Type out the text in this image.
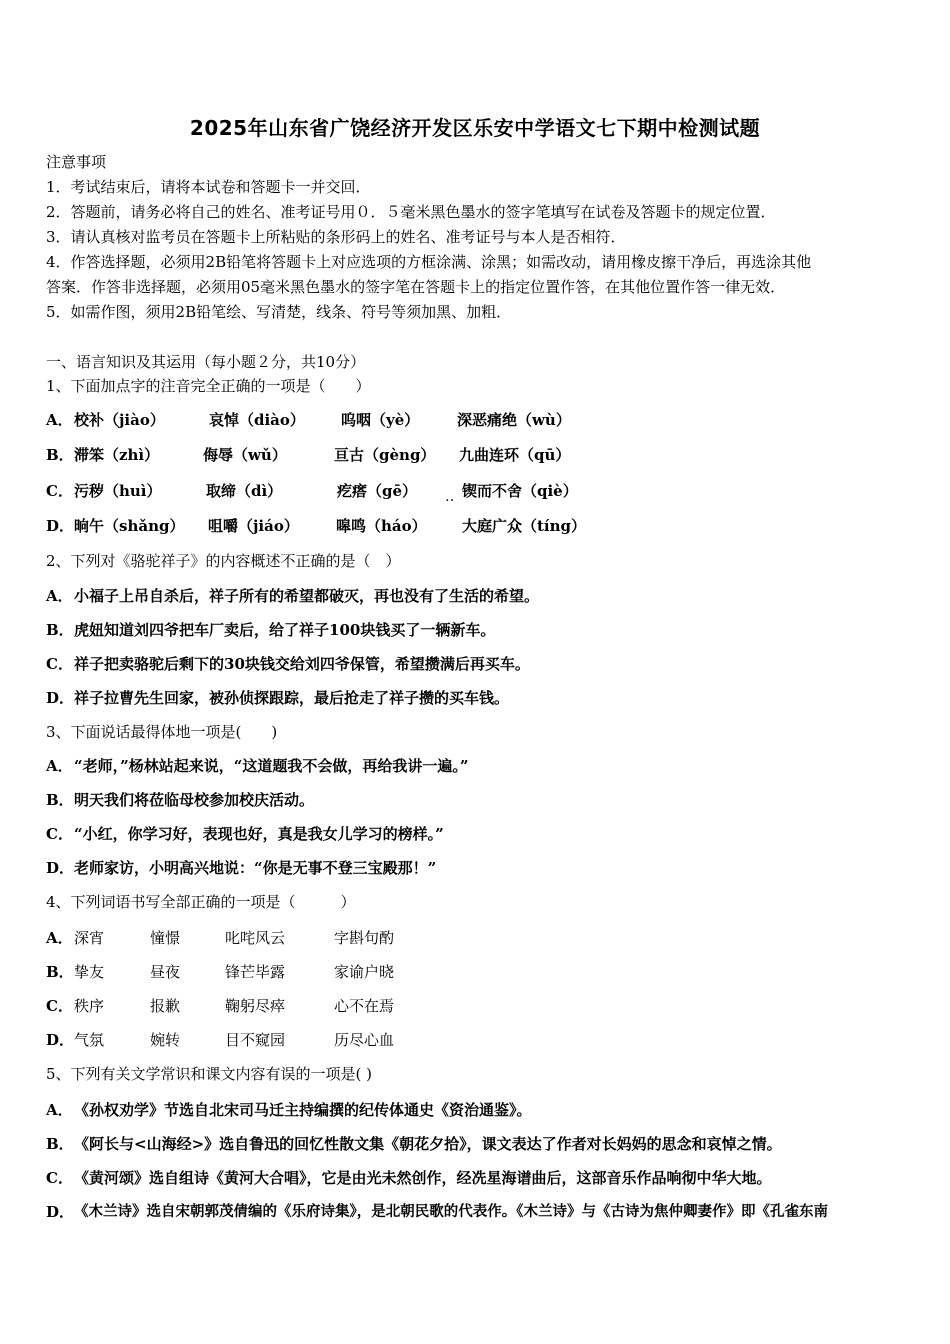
2025年山东省广饶经济开发区乐安中学语文七下期中检测试题
注意事项
1．考试结束后，请将本试卷和答题卡一并交回．
2．答题前，请务必将自己的姓名、准考证号用０．５毫米黑色墨水的签字笔填写在试卷及答题卡的规定位置．
3．请认真核对监考员在答题卡上所粘贴的条形码上的姓名、准考证号与本人是否相符．
4．作答选择题，必须用2B铅笔将答题卡上对应选项的方框涂满、涂黑；如需改动，请用橡皮擦干净后，再选涂其他
答案．作答非选择题，必须用05毫米黑色墨水的签字笔在答题卡上的指定位置作答，在其他位置作答一律无效．
5．如需作图，须用2B铅笔绘、写清楚，线条、符号等须加黑、加粗．
一、语言知识及其运用（每小题２分，共10分）
1、下面加点字的注音完全正确的一项是（　　）
A． 校补（jiào）	哀悼（diào） 呜咽（yè）	深恶痛绝（wù）
B． 滞笨（zhì）	侮辱（wǔ）	亘古（gèng） 九曲连环（qū）
C． 污秽（huì）	取缔（dì）	疙瘩（gē）	锲而不舍（qiè）
‥
D． 晌午（shǎng） 咀嚼（jiáo） 嗥鸣（háo） 大庭广众（tíng）
2、下列对《骆驼祥子》的内容概述不正确的是（　）
A． 小福子上吊自杀后，祥子所有的希望都破灭，再也没有了生活的希望。
B． 虎妞知道刘四爷把车厂卖后，给了祥子100块钱买了一辆新车。
C． 祥子把卖骆驼后剩下的30块钱交给刘四爷保管，希望攒满后再买车。
D． 祥子拉曹先生回家，被孙侦探跟踪，最后抢走了祥子攒的买车钱。
3、下面说话最得体地一项是(　　)
A． “老师，”杨林站起来说，“这道题我不会做，再给我讲一遍。”
B． 明天我们将莅临母校参加校庆活动。
C． “小红，你学习好，表现也好，真是我女儿学习的榜样。”
D． 老师家访，小明高兴地说：“你是无事不登三宝殿那！”
4、下列词语书写全部正确的一项是（　　　）
A． 深宵	憧憬	叱咤风云	字斟句酌
B． 挚友	昼夜	锋芒毕露	家谕户晓
C． 秩序	报歉	鞠躬尽瘁	心不在焉
D． 气氛	婉转	目不窥园	历尽心血
5、下列有关文学常识和课文内容有误的一项是( )
A． 《孙权劝学》节选自北宋司马迁主持编撰的纪传体通史《资治通鉴》。
B． 《阿长与<山海经>》选自鲁迅的回忆性散文集《朝花夕拾》，课文表达了作者对长妈妈的思念和哀悼之情。
C． 《黄河颂》选自组诗《黄河大合唱》，它是由光未然创作，经冼星海谱曲后，这部音乐作品响彻中华大地。
D． 《木兰诗》选自宋朝郭茂倩编的《乐府诗集》，是北朝民歌的代表作。《木兰诗》与《古诗为焦仲卿妻作》即《孔雀东南
